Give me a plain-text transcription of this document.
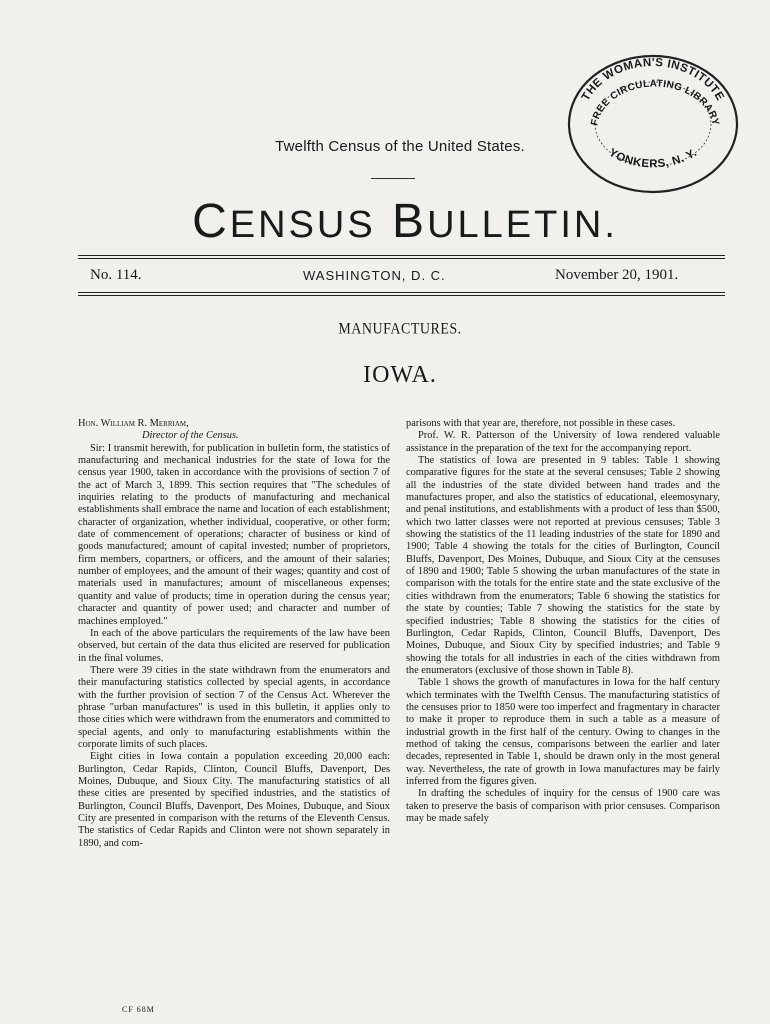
THE WOMAN'S INSTITUTE
FREE CIRCULATING LIBRARY
YONKERS, N. Y.
Twelfth Census of the United States.
CENSUS BULLETIN.
No. 114.	WASHINGTON, D. C.	November 20, 1901.
MANUFACTURES.
IOWA.

Hon. William R. Merriam,

Director of the Census.

Sir: I transmit herewith, for publication in bulletin form, the statistics of manufacturing and mechanical industries for the state of Iowa for the census year 1900, taken in accordance with the provisions of section 7 of the act of March 3, 1899. This section requires that "The schedules of inquiries relating to the products of manufacturing and mechanical establishments shall embrace the name and location of each establishment; character of organization, whether individual, cooperative, or other form; date of commencement of operations; character of business or kind of goods manufactured; amount of capital invested; number of proprietors, firm members, copartners, or officers, and the amount of their salaries; number of employees, and the amount of their wages; quantity and cost of materials used in manufactures; amount of miscellaneous expenses; quantity and value of products; time in operation during the census year; character and quantity of power used; and character and number of machines employed."

In each of the above particulars the requirements of the law have been observed, but certain of the data thus elicited are reserved for publication in the final volumes.

There were 39 cities in the state withdrawn from the enumerators and their manufacturing statistics collected by special agents, in accordance with the further provision of section 7 of the Census Act. Wherever the phrase "urban manufactures" is used in this bulletin, it applies only to those cities which were withdrawn from the enumerators and committed to special agents, and only to manufacturing establishments within the corporate limits of such places.

Eight cities in Iowa contain a population exceeding 20,000 each: Burlington, Cedar Rapids, Clinton, Council Bluffs, Davenport, Des Moines, Dubuque, and Sioux City. The manufacturing statistics of all these cities are presented by specified industries, and the statistics of Burlington, Council Bluffs, Davenport, Des Moines, Dubuque, and Sioux City are presented in comparison with the returns of the Eleventh Census. The statistics of Cedar Rapids and Clinton were not shown separately in 1890, and com-

parisons with that year are, therefore, not possible in these cases.

Prof. W. R. Patterson of the University of Iowa rendered valuable assistance in the preparation of the text for the accompanying report.

The statistics of Iowa are presented in 9 tables: Table 1 showing comparative figures for the state at the several censuses; Table 2 showing all the industries of the state divided between hand trades and the manufactures proper, and also the statistics of educational, eleemosynary, and penal institutions, and establishments with a product of less than $500, which two latter classes were not reported at previous censuses; Table 3 showing the statistics of the 11 leading industries of the state for 1890 and 1900; Table 4 showing the totals for the cities of Burlington, Council Bluffs, Davenport, Des Moines, Dubuque, and Sioux City at the censuses of 1890 and 1900; Table 5 showing the urban manufactures of the state in comparison with the totals for the entire state and the state exclusive of the cities withdrawn from the enumerators; Table 6 showing the statistics for the state by counties; Table 7 showing the statistics for the state by specified industries; Table 8 showing the statistics for the cities of Burlington, Cedar Rapids, Clinton, Council Bluffs, Davenport, Des Moines, Dubuque, and Sioux City by specified industries; and Table 9 showing the totals for all industries in each of the cities withdrawn from the enumerators (exclusive of those shown in Table 8).

Table 1 shows the growth of manufactures in Iowa for the half century which terminates with the Twelfth Census. The manufacturing statistics of the censuses prior to 1850 were too imperfect and fragmentary in character to make it proper to reproduce them in such a table as a measure of industrial growth in the first half of the century. Owing to changes in the method of taking the census, comparisons between the earlier and later decades, represented in Table 1, should be drawn only in the most general way. Nevertheless, the rate of growth in Iowa manufactures may be fairly inferred from the figures given.

In drafting the schedules of inquiry for the census of 1900 care was taken to preserve the basis of comparison with prior censuses. Comparison may be made safely

CF 68M
